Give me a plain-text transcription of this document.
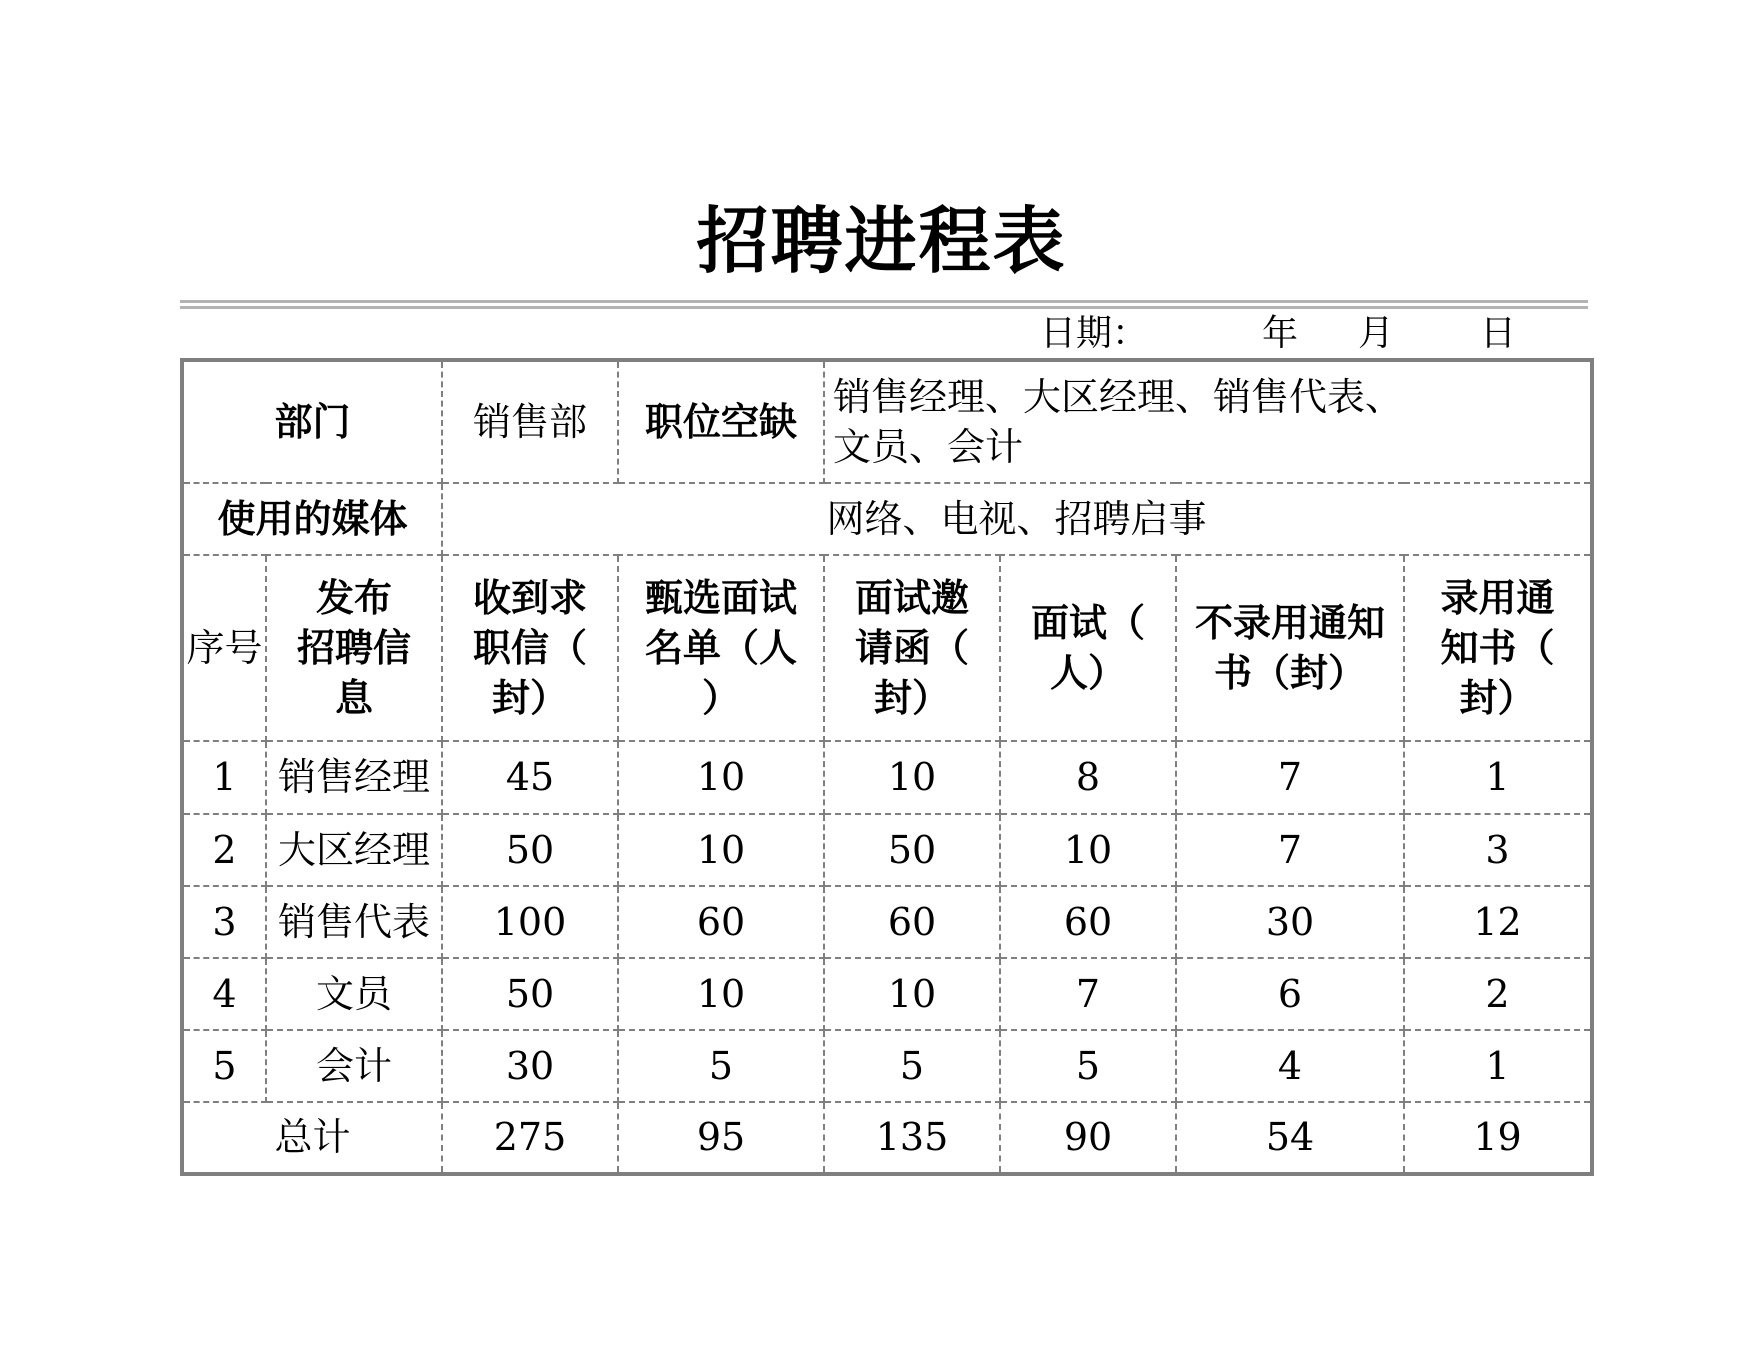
招聘进程表
日期：	年 月 日
部门		销售部	职位空缺	销售经理、大区经理、销售代表、
文员、会计			

使用的媒体		网络、电视、招聘启事					

序号	发布
招聘信
息	收到求
职信（
封）	甄选面试
名单（人
）	面试邀
请函（
封）	面试（
人）	不录用通知
书（封）	录用通
知书（
封）

1	销售经理	45	10	10	8	7	1
2	大区经理	50	10	50	10	7	3
3	销售代表	100	60	60	60	30	12
4	文员	50	10	10	7	6	2
5	会计	30	5	5	5	4	1
总计		275	95	135	90	54	19
